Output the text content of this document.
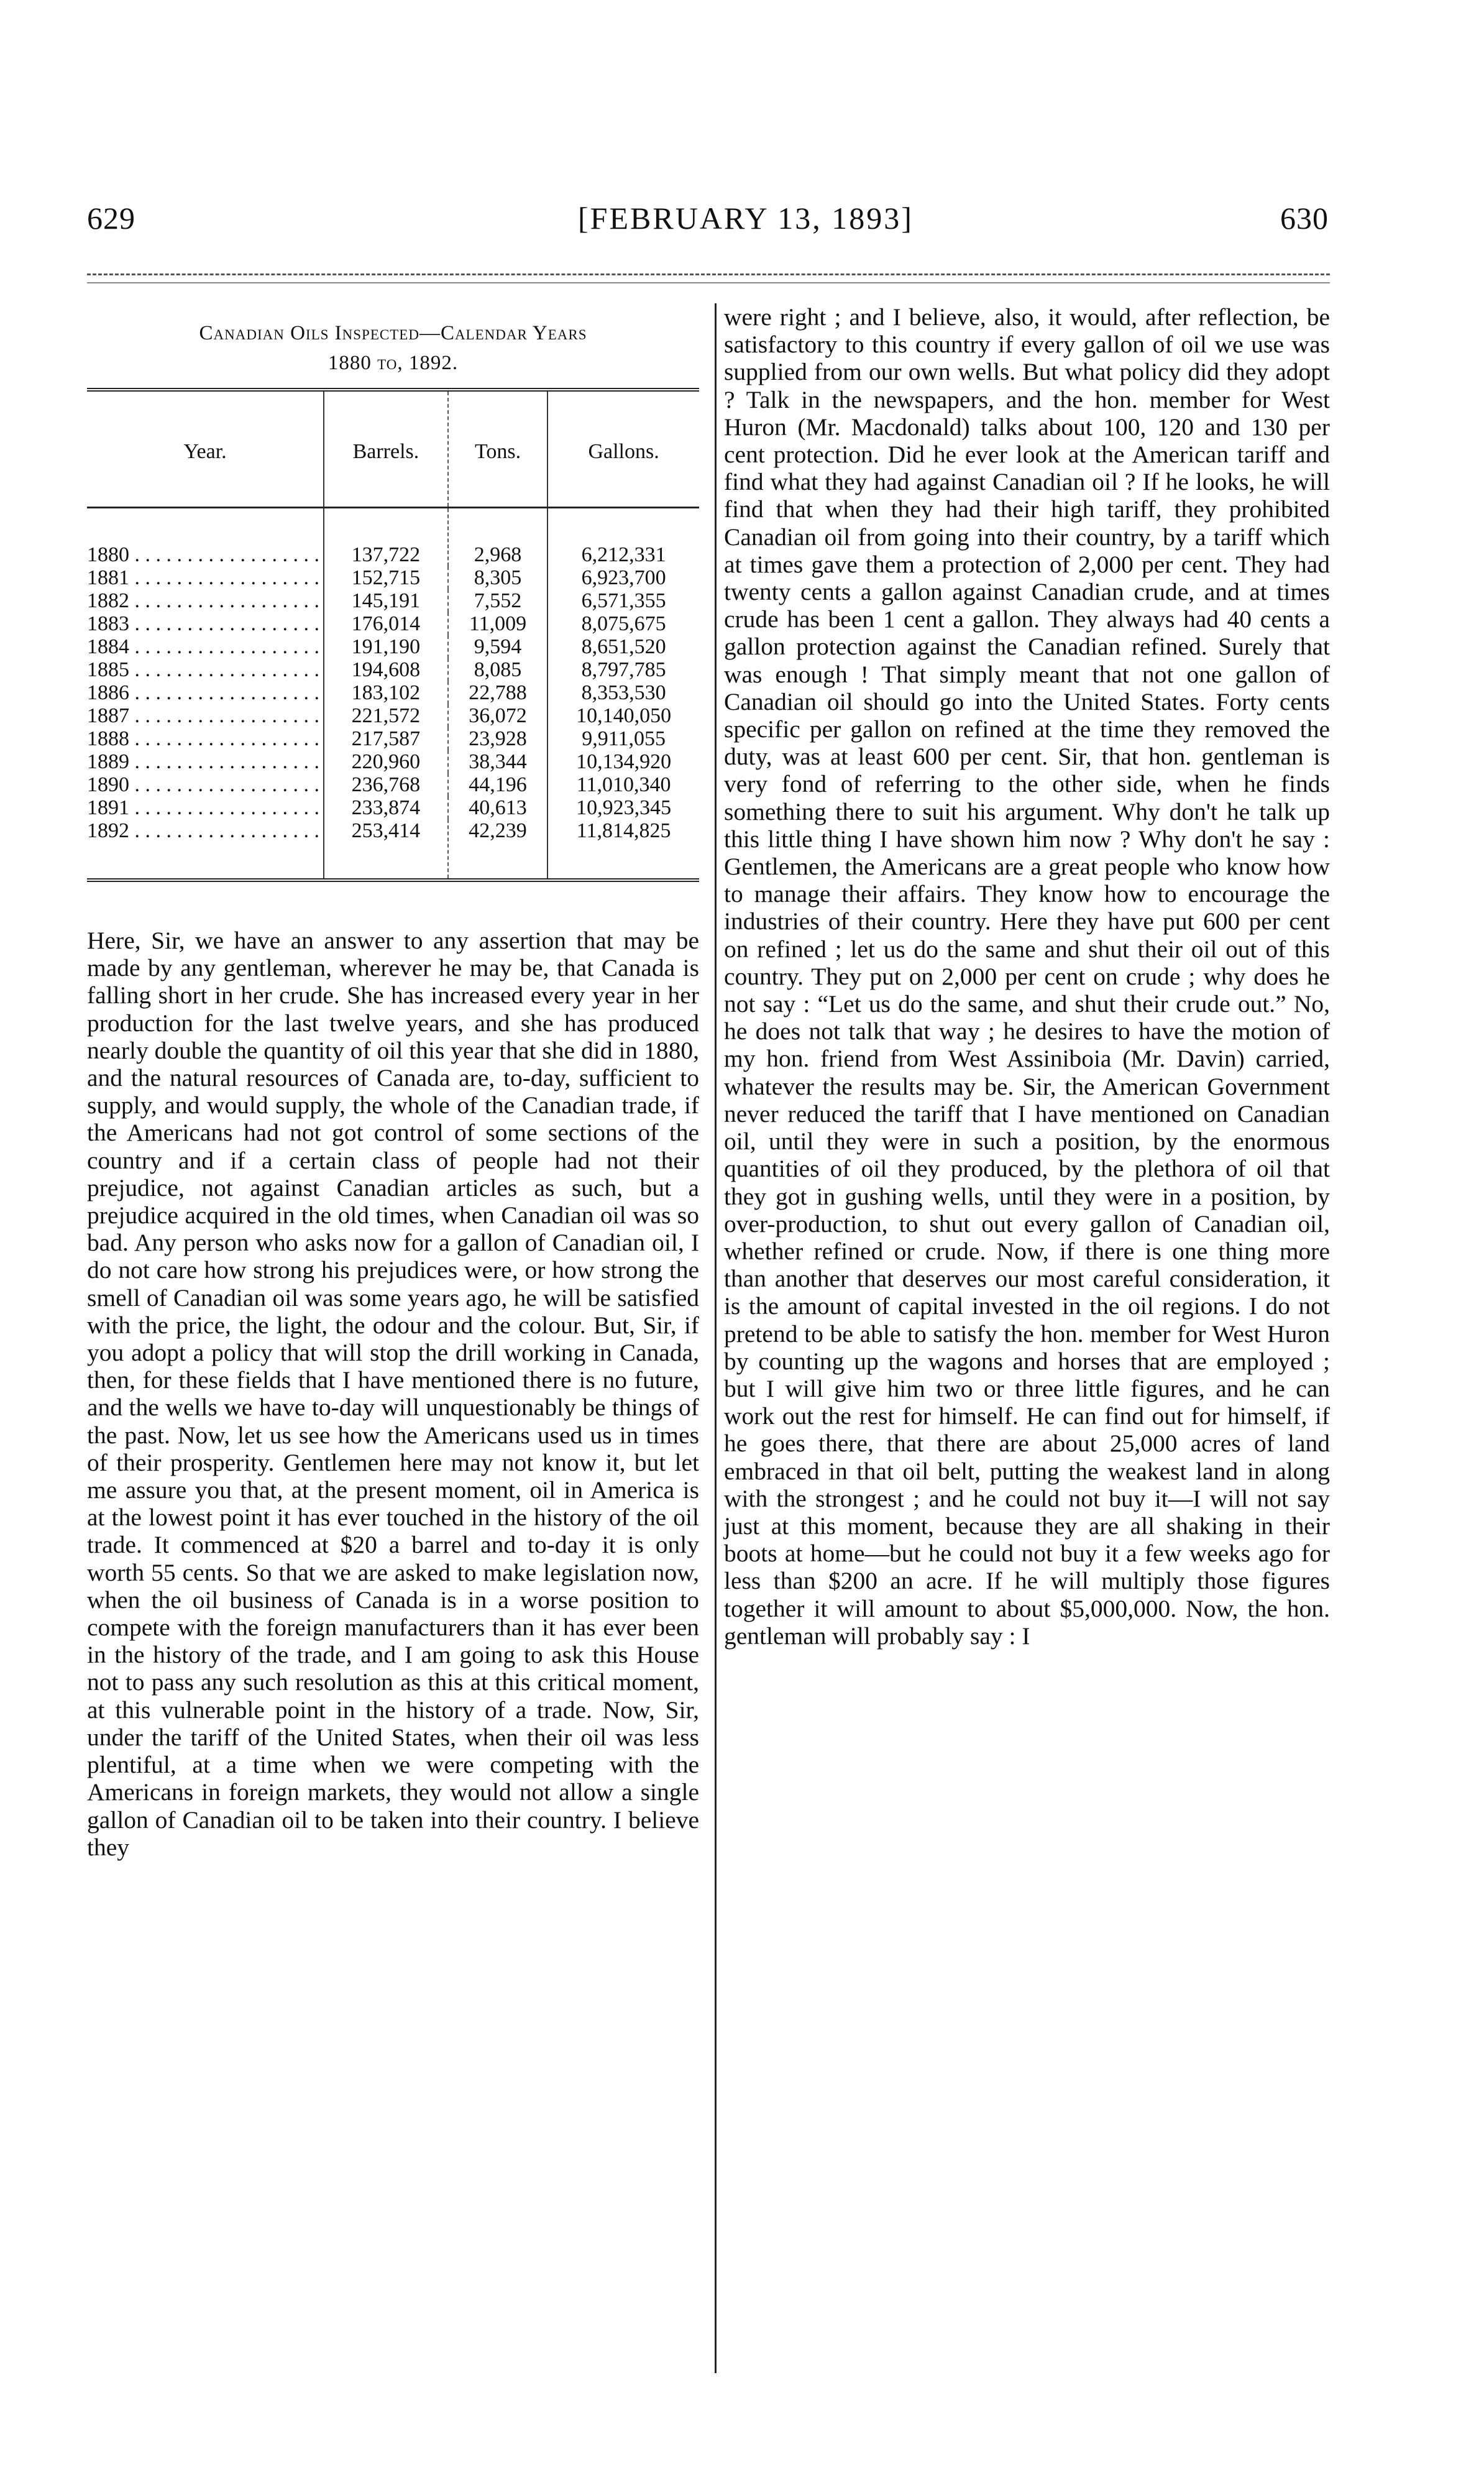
629	[FEBRUARY 13, 1893]	630
Canadian Oils Inspected—Calendar Years
1880 to, 1892.
Year.	Barrels.	Tons.	Gallons.
1880 . . .	137,722	2,968	6,212,331
1881 . . .	152,715	8,305	6,923,700
1882 . . .	145,191	7,552	6,571,355
1883 . . .	176,014	11,009	8,075,675
1884 . . .	191,190	9,594	8,651,520
1885 . . .	194,608	8,085	8,797,785
1886 . . .	183,102	22,788	8,353,530
1887 . . .	221,572	36,072	10,140,050
1888 . . .	217,587	23,928	9,911,055
1889 . . .	220,960	38,344	10,134,920
1890 . . .	236,768	44,196	11,010,340
1891 . . .	233,874	40,613	10,923,345
1892 . . .	253,414	42,239	11,814,825
Here, Sir, we have an answer to any assertion that may be made by any gentleman, wherever he may be, that Canada is falling short in her crude. She has increased every year in her production for the last twelve years, and she has produced nearly double the quantity of oil this year that she did in 1880, and the natural resources of Canada are, to-day, sufficient to supply, and would supply, the whole of the Canadian trade, if the Americans had not got control of some sections of the country and if a certain class of people had not their prejudice, not against Canadian articles as such, but a prejudice acquired in the old times, when Canadian oil was so bad. Any person who asks now for a gallon of Canadian oil, I do not care how strong his prejudices were, or how strong the smell of Canadian oil was some years ago, he will be satisfied with the price, the light, the odour and the colour. But, Sir, if you adopt a policy that will stop the drill working in Canada, then, for these fields that I have mentioned there is no future, and the wells we have to-day will unquestionably be things of the past. Now, let us see how the Americans used us in times of their prosperity. Gentlemen here may not know it, but let me assure you that, at the present moment, oil in America is at the lowest point it has ever touched in the history of the oil trade. It commenced at $20 a barrel and to-day it is only worth 55 cents. So that we are asked to make legislation now, when the oil business of Canada is in a worse position to compete with the foreign manufacturers than it has ever been in the history of the trade, and I am going to ask this House not to pass any such resolution as this at this critical moment, at this vulnerable point in the history of a trade. Now, Sir, under the tariff of the United States, when their oil was less plentiful, at a time when we were competing with the Americans in foreign markets, they would not allow a single gallon of Canadian oil to be taken into their country. I believe they
were right ; and I believe, also, it would, after reflection, be satisfactory to this country if every gallon of oil we use was supplied from our own wells. But what policy did they adopt ? Talk in the newspapers, and the hon. member for West Huron (Mr. Macdonald) talks about 100, 120 and 130 per cent protection. Did he ever look at the American tariff and find what they had against Canadian oil ? If he looks, he will find that when they had their high tariff, they prohibited Canadian oil from going into their country, by a tariff which at times gave them a protection of 2,000 per cent. They had twenty cents a gallon against Canadian crude, and at times crude has been 1 cent a gallon. They always had 40 cents a gallon protection against the Canadian refined. Surely that was enough ! That simply meant that not one gallon of Canadian oil should go into the United States. Forty cents specific per gallon on refined at the time they removed the duty, was at least 600 per cent. Sir, that hon. gentleman is very fond of referring to the other side, when he finds something there to suit his argument. Why don't he talk up this little thing I have shown him now ? Why don't he say : Gentlemen, the Americans are a great people who know how to manage their affairs. They know how to encourage the industries of their country. Here they have put 600 per cent on refined ; let us do the same and shut their oil out of this country. They put on 2,000 per cent on crude ; why does he not say : “Let us do the same, and shut their crude out.” No, he does not talk that way ; he desires to have the motion of my hon. friend from West Assiniboia (Mr. Davin) carried, whatever the results may be. Sir, the American Government never reduced the tariff that I have mentioned on Canadian oil, until they were in such a position, by the enormous quantities of oil they produced, by the plethora of oil that they got in gushing wells, until they were in a position, by over-production, to shut out every gallon of Canadian oil, whether refined or crude. Now, if there is one thing more than another that deserves our most careful consideration, it is the amount of capital invested in the oil regions. I do not pretend to be able to satisfy the hon. member for West Huron by counting up the wagons and horses that are employed ; but I will give him two or three little figures, and he can work out the rest for himself. He can find out for himself, if he goes there, that there are about 25,000 acres of land embraced in that oil belt, putting the weakest land in along with the strongest ; and he could not buy it—I will not say just at this moment, because they are all shaking in their boots at home—but he could not buy it a few weeks ago for less than $200 an acre. If he will multiply those figures together it will amount to about $5,000,000. Now, the hon. gentleman will probably say : I
